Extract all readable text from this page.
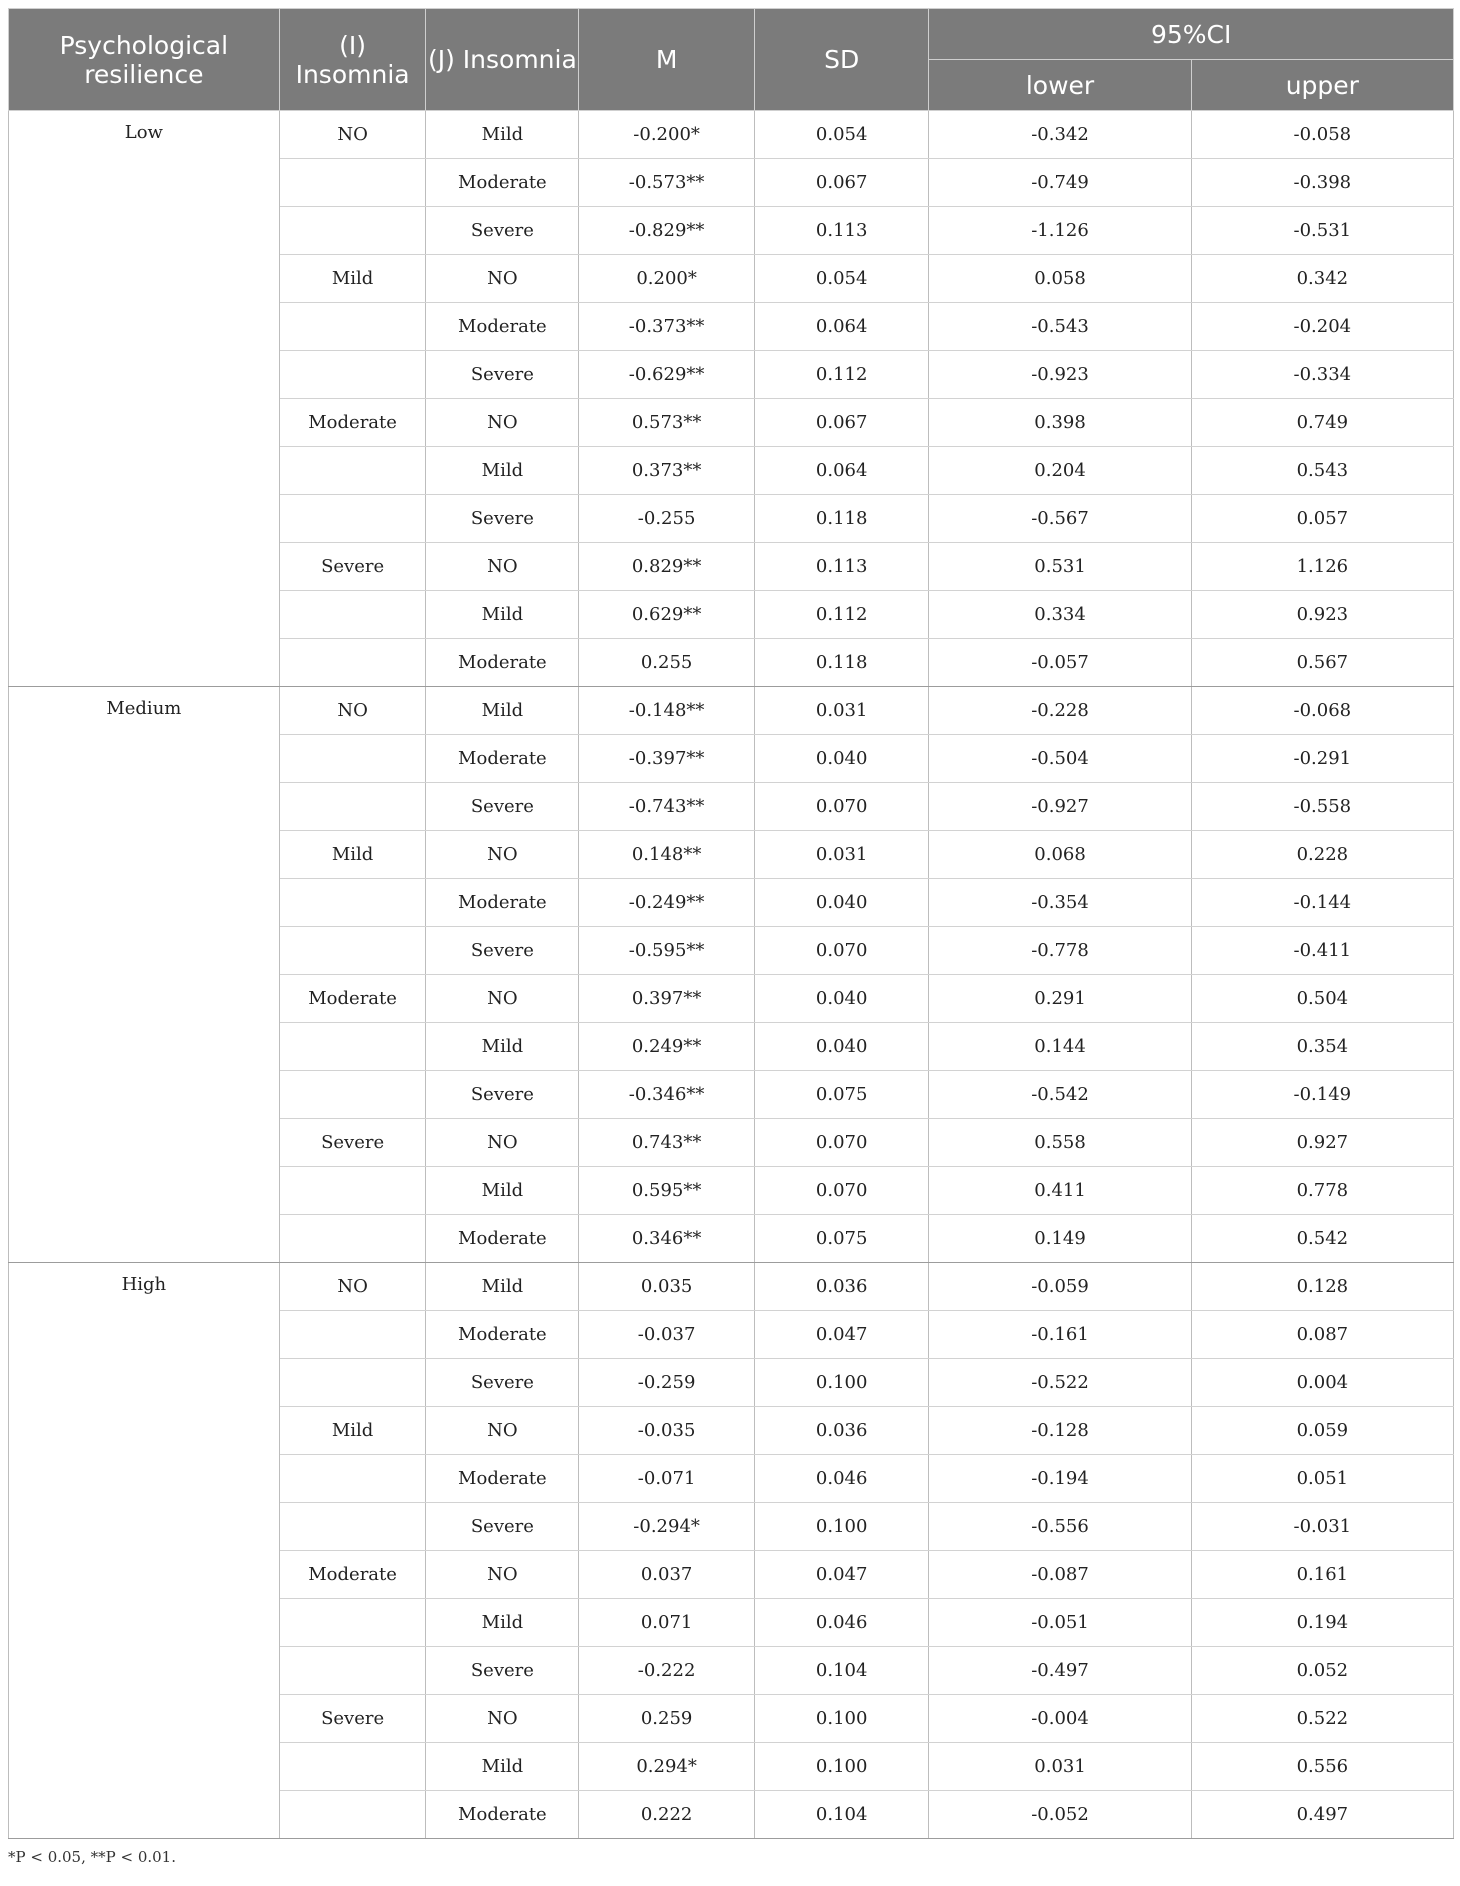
Psychological resilience	(I) Insomnia	(J) Insomnia	M	SD	95%CI	
					lower	upper
Low	NO	Mild	-0.200*	0.054	-0.342	-0.058
		Moderate	-0.573**	0.067	-0.749	-0.398
		Severe	-0.829**	0.113	-1.126	-0.531
	Mild	NO	0.200*	0.054	0.058	0.342
		Moderate	-0.373**	0.064	-0.543	-0.204
		Severe	-0.629**	0.112	-0.923	-0.334
	Moderate	NO	0.573**	0.067	0.398	0.749
		Mild	0.373**	0.064	0.204	0.543
		Severe	-0.255	0.118	-0.567	0.057
	Severe	NO	0.829**	0.113	0.531	1.126
		Mild	0.629**	0.112	0.334	0.923
		Moderate	0.255	0.118	-0.057	0.567
Medium	NO	Mild	-0.148**	0.031	-0.228	-0.068
		Moderate	-0.397**	0.040	-0.504	-0.291
		Severe	-0.743**	0.070	-0.927	-0.558
	Mild	NO	0.148**	0.031	0.068	0.228
		Moderate	-0.249**	0.040	-0.354	-0.144
		Severe	-0.595**	0.070	-0.778	-0.411
	Moderate	NO	0.397**	0.040	0.291	0.504
		Mild	0.249**	0.040	0.144	0.354
		Severe	-0.346**	0.075	-0.542	-0.149
	Severe	NO	0.743**	0.070	0.558	0.927
		Mild	0.595**	0.070	0.411	0.778
		Moderate	0.346**	0.075	0.149	0.542
High	NO	Mild	0.035	0.036	-0.059	0.128
		Moderate	-0.037	0.047	-0.161	0.087
		Severe	-0.259	0.100	-0.522	0.004
	Mild	NO	-0.035	0.036	-0.128	0.059
		Moderate	-0.071	0.046	-0.194	0.051
		Severe	-0.294*	0.100	-0.556	-0.031
	Moderate	NO	0.037	0.047	-0.087	0.161
		Mild	0.071	0.046	-0.051	0.194
		Severe	-0.222	0.104	-0.497	0.052
	Severe	NO	0.259	0.100	-0.004	0.522
		Mild	0.294*	0.100	0.031	0.556
		Moderate	0.222	0.104	-0.052	0.497
*P < 0.05, **P < 0.01.
